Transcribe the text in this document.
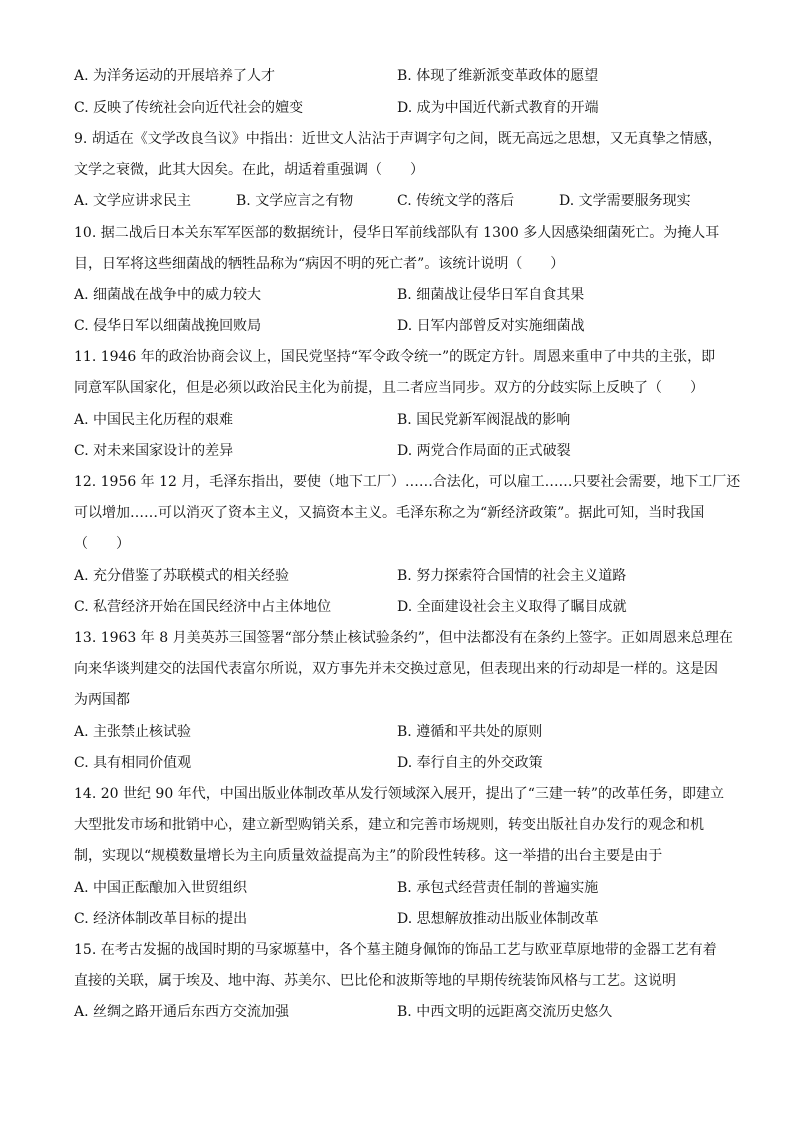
A. 为洋务运动的开展培养了人才	B. 体现了维新派变革政体的愿望
C. 反映了传统社会向近代社会的嬗变	D. 成为中国近代新式教育的开端
9. 胡适在《文学改良刍议》中指出：近世文人沾沾于声调字句之间，既无高远之思想，又无真挚之情感，
文学之衰微，此其大因矣。在此，胡适着重强调（　　）
A. 文学应讲求民主	B. 文学应言之有物	C. 传统文学的落后	D. 文学需要服务现实
10. 据二战后日本关东军军医部的数据统计，侵华日军前线部队有 1300 多人因感染细菌死亡。为掩人耳
目，日军将这些细菌战的牺牲品称为“病因不明的死亡者”。该统计说明（　　）
A. 细菌战在战争中的威力较大	B. 细菌战让侵华日军自食其果
C. 侵华日军以细菌战挽回败局	D. 日军内部曾反对实施细菌战
11. 1946 年的政治协商会议上，国民党坚持“军令政令统一”的既定方针。周恩来重申了中共的主张，即
同意军队国家化，但是必须以政治民主化为前提，且二者应当同步。双方的分歧实际上反映了（　　）
A. 中国民主化历程的艰难	B. 国民党新军阀混战的影响
C. 对未来国家设计的差异	D. 两党合作局面的正式破裂
12. 1956 年 12 月，毛泽东指出，要使（地下工厂）……合法化，可以雇工……只要社会需要，地下工厂还
可以增加……可以消灭了资本主义，又搞资本主义。毛泽东称之为“新经济政策”。据此可知，当时我国
（　　）
A. 充分借鉴了苏联模式的相关经验	B. 努力探索符合国情的社会主义道路
C. 私营经济开始在国民经济中占主体地位	D. 全面建设社会主义取得了瞩目成就
13. 1963 年 8 月美英苏三国签署“部分禁止核试验条约”，但中法都没有在条约上签字。正如周恩来总理在
向来华谈判建交的法国代表富尔所说，双方事先并未交换过意见，但表现出来的行动却是一样的。这是因
为两国都
A. 主张禁止核试验	B. 遵循和平共处的原则
C. 具有相同价值观	D. 奉行自主的外交政策
14. 20 世纪 90 年代，中国出版业体制改革从发行领域深入展开，提出了“三建一转”的改革任务，即建立
大型批发市场和批销中心，建立新型购销关系，建立和完善市场规则，转变出版社自办发行的观念和机
制，实现以“规模数量增长为主向质量效益提高为主”的阶段性转移。这一举措的出台主要是由于
A. 中国正酝酿加入世贸组织	B. 承包式经营责任制的普遍实施
C. 经济体制改革目标的提出	D. 思想解放推动出版业体制改革
15. 在考古发掘的战国时期的马家塬墓中，各个墓主随身佩饰的饰品工艺与欧亚草原地带的金器工艺有着
直接的关联，属于埃及、地中海、苏美尔、巴比伦和波斯等地的早期传统装饰风格与工艺。这说明
A. 丝绸之路开通后东西方交流加强	B. 中西文明的远距离交流历史悠久
